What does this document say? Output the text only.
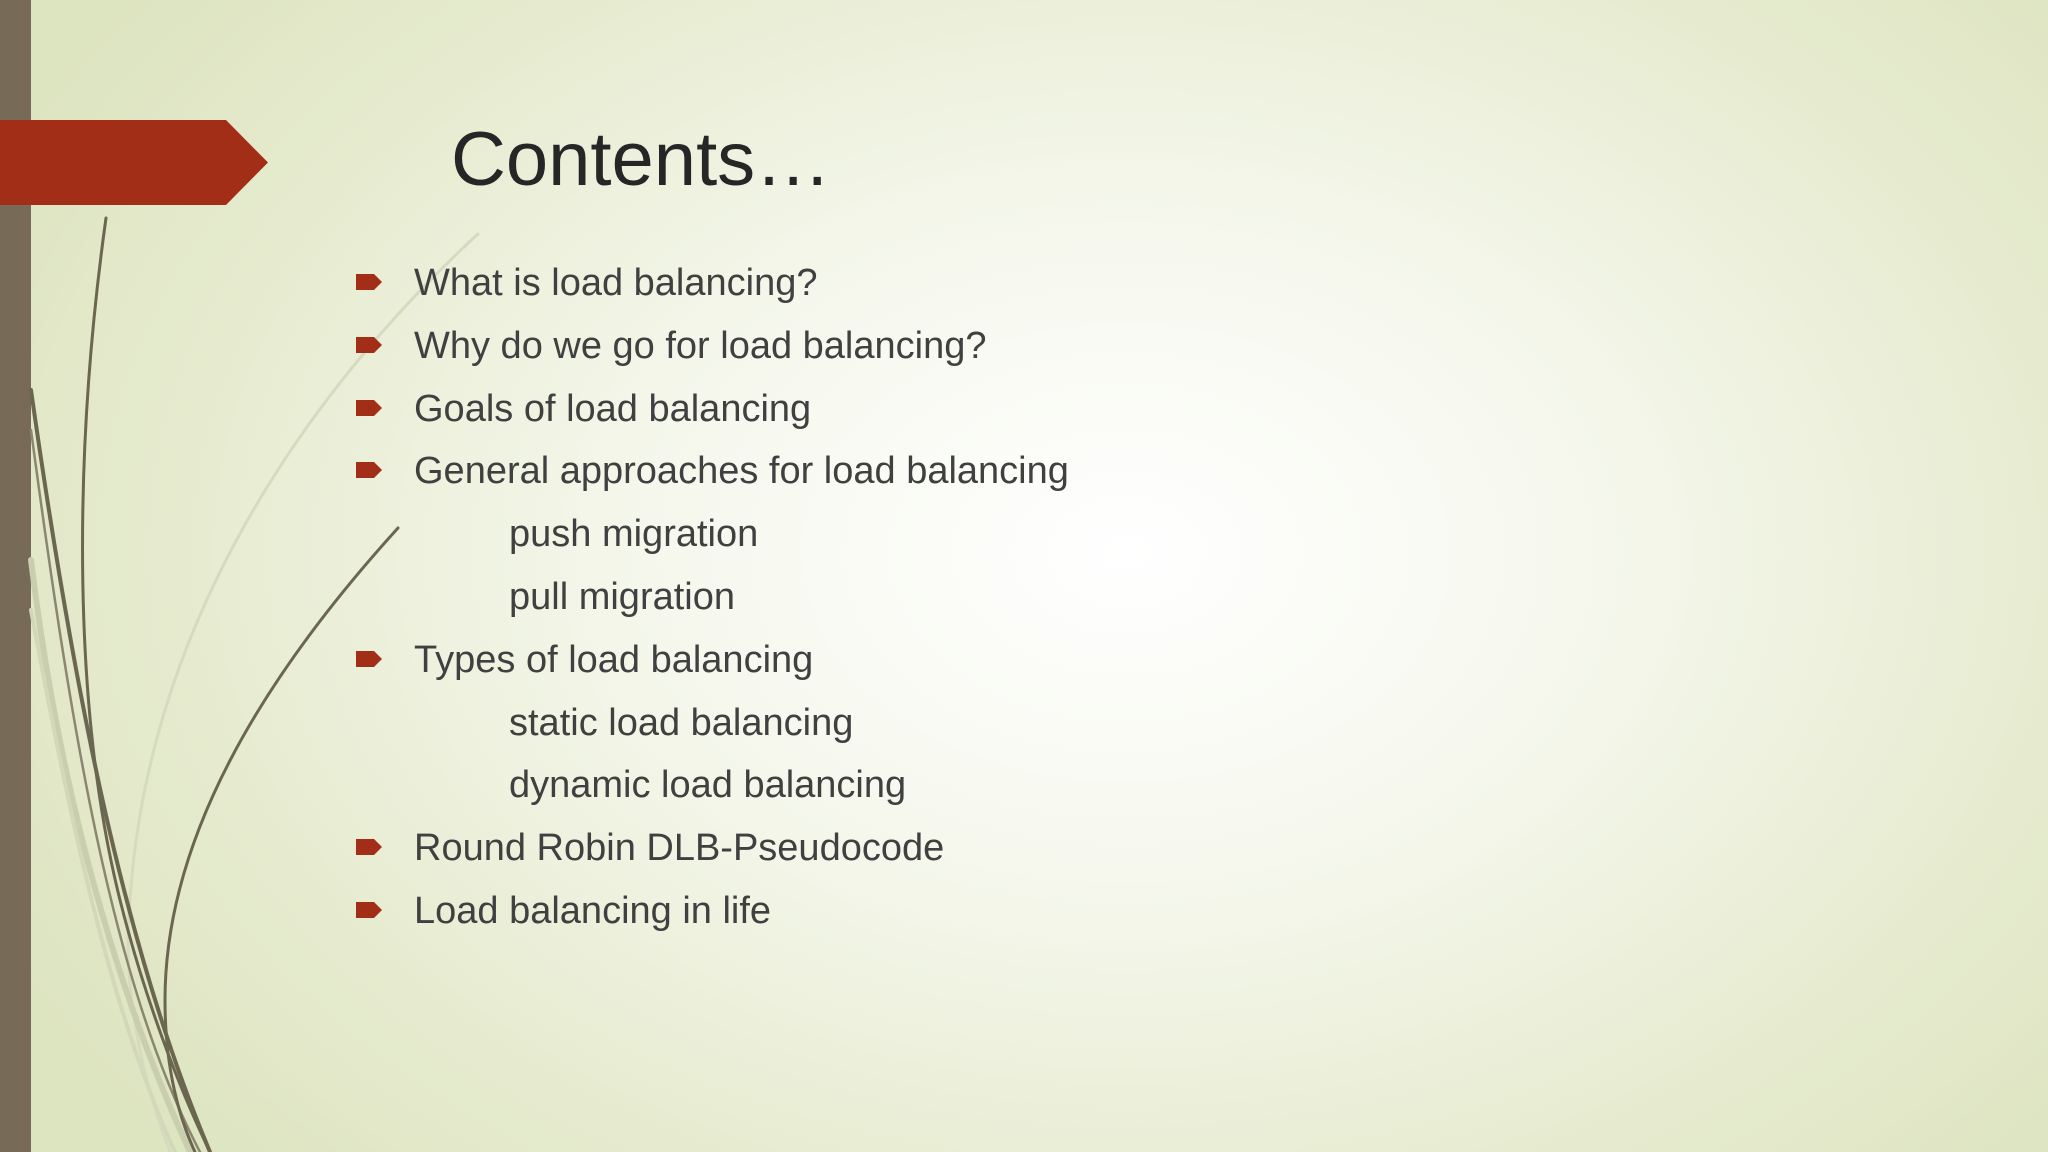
Contents…
What is load balancing?
Why do we go for load balancing?
Goals of load balancing
General approaches for load balancing
push migration
pull migration
Types of load balancing
static load balancing
dynamic load balancing
Round Robin DLB-Pseudocode
Load balancing in life
